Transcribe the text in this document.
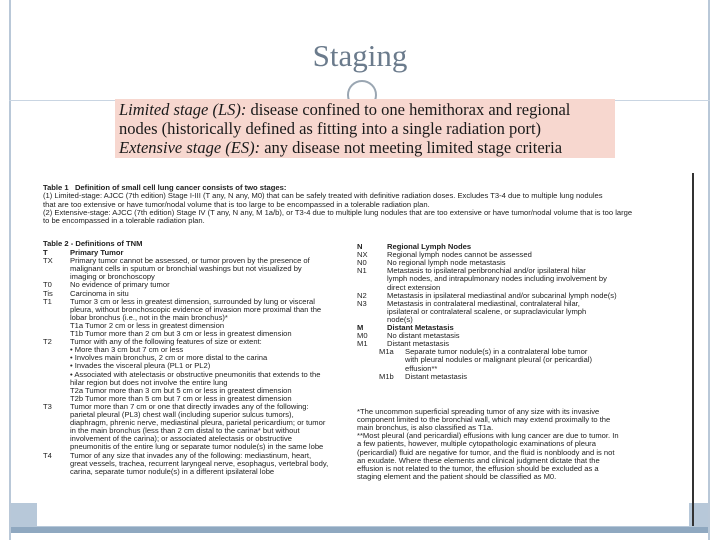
Staging
Limited stage (LS): disease confined to one hemithorax and regional
nodes (historically defined as fitting into a single radiation port)
Extensive stage (ES): any disease not meeting limited stage criteria
Table 1 Definition of small cell lung cancer consists of two stages:
(1) Limited-stage: AJCC (7th edition) Stage I-III (T any, N any, M0) that can be safely treated with definitive radiation doses. Excludes T3-4 due to multiple lung nodules
that are too extensive or have tumor/nodal volume that is too large to be encompassed in a tolerable radiation plan.
(2) Extensive-stage: AJCC (7th edition) Stage IV (T any, N any, M 1a/b), or T3-4 due to multiple lung nodules that are too extensive or have tumor/nodal volume that is too large
to be encompassed in a tolerable radiation plan.
Table 2 - Definitions of TNM
T	Primary Tumor
TX	Primary tumor cannot be assessed, or tumor proven by the presence of
malignant cells in sputum or bronchial washings but not visualized by
imaging or bronchoscopy
T0	No evidence of primary tumor
Tis	Carcinoma in situ
T1	Tumor 3 cm or less in greatest dimension, surrounded by lung or visceral
pleura, without bronchoscopic evidence of invasion more proximal than the
lobar bronchus (i.e., not in the main bronchus)*
T1a Tumor 2 cm or less in greatest dimension
T1b Tumor more than 2 cm but 3 cm or less in greatest dimension
T2	Tumor with any of the following features of size or extent:
• More than 3 cm but 7 cm or less
• Involves main bronchus, 2 cm or more distal to the carina
• Invades the visceral pleura (PL1 or PL2)
• Associated with atelectasis or obstructive pneumonitis that extends to the
hilar region but does not involve the entire lung
T2a Tumor more than 3 cm but 5 cm or less in greatest dimension
T2b Tumor more than 5 cm but 7 cm or less in greatest dimension
T3	Tumor more than 7 cm or one that directly invades any of the following:
parietal pleural (PL3) chest wall (including superior sulcus tumors),
diaphragm, phrenic nerve, mediastinal pleura, parietal pericardium; or tumor
in the main bronchus (less than 2 cm distal to the carina* but without
involvement of the carina); or associated atelectasis or obstructive
pneumonitis of the entire lung or separate tumor nodule(s) in the same lobe
T4	Tumor of any size that invades any of the following: mediastinum, heart,
great vessels, trachea, recurrent laryngeal nerve, esophagus, vertebral body,
carina, separate tumor nodule(s) in a different ipsilateral lobe
N	Regional Lymph Nodes
NX	Regional lymph nodes cannot be assessed
N0	No regional lymph node metastasis
N1	Metastasis to ipsilateral peribronchial and/or ipsilateral hilar
lymph nodes, and intrapulmonary nodes including involvement by
direct extension
N2	Metastasis in ipsilateral mediastinal and/or subcarinal lymph node(s)
N3	Metastasis in contralateral mediastinal, contralateral hilar,
ipsilateral or contralateral scalene, or supraclavicular lymph
node(s)
M	Distant Metastasis
M0	No distant metastasis
M1	Distant metastasis
M1a	Separate tumor nodule(s) in a contralateral lobe tumor
with pleural nodules or malignant pleural (or pericardial)
effusion**
M1b	Distant metastasis
*The uncommon superficial spreading tumor of any size with its invasive
component limited to the bronchial wall, which may extend proximally to the
main bronchus, is also classified as T1a.
**Most pleural (and pericardial) effusions with lung cancer are due to tumor. In
a few patients, however, multiple cytopathologic examinations of pleura
(pericardial) fluid are negative for tumor, and the fluid is nonbloody and is not
an exudate. Where these elements and clinical judgment dictate that the
effusion is not related to the tumor, the effusion should be excluded as a
staging element and the patient should be classified as M0.
